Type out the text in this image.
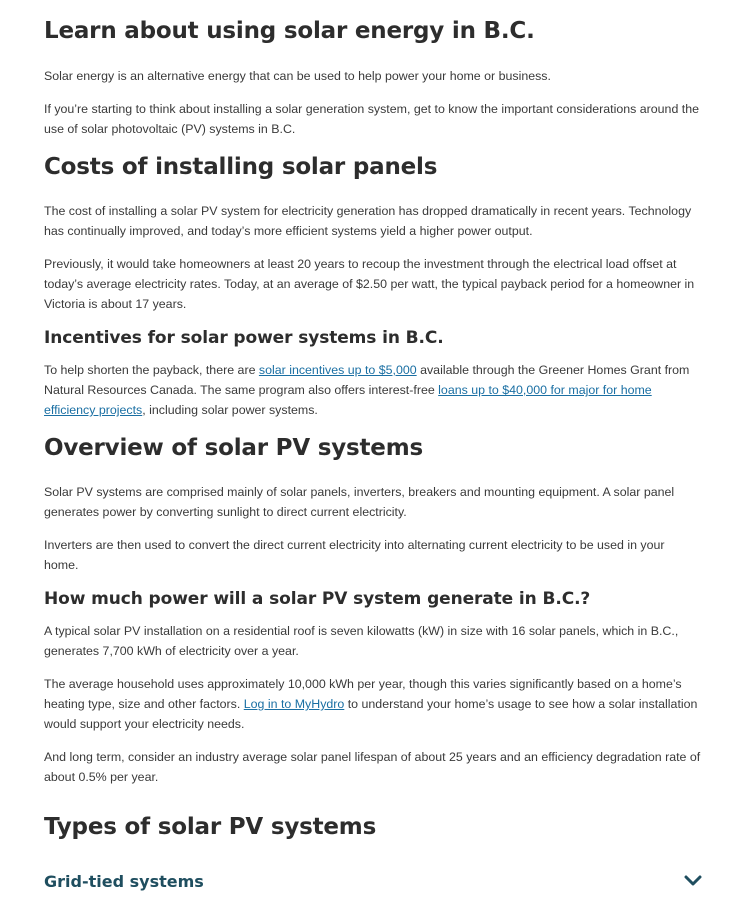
Learn about using solar energy in B.C.

Solar energy is an alternative energy that can be used to help power your home or business.

If you’re starting to think about installing a solar generation system, get to know the important considerations around the use of solar photovoltaic (PV) systems in B.C.

Costs of installing solar panels

The cost of installing a solar PV system for electricity generation has dropped dramatically in recent years. Technology has continually improved, and today’s more efficient systems yield a higher power output.

Previously, it would take homeowners at least 20 years to recoup the investment through the electrical load offset at today’s average electricity rates. Today, at an average of $2.50 per watt, the typical payback period for a homeowner in Victoria is about 17 years.

Incentives for solar power systems in B.C.

To help shorten the payback, there are solar incentives up to $5,000 available through the Greener Homes Grant from Natural Resources Canada. The same program also offers interest-free loans up to $40,000 for major for home efficiency projects, including solar power systems.

Overview of solar PV systems

Solar PV systems are comprised mainly of solar panels, inverters, breakers and mounting equipment. A solar panel generates power by converting sunlight to direct current electricity.

Inverters are then used to convert the direct current electricity into alternating current electricity to be used in your home.

How much power will a solar PV system generate in B.C.?

A typical solar PV installation on a residential roof is seven kilowatts (kW) in size with 16 solar panels, which in B.C., generates 7,700 kWh of electricity over a year.

The average household uses approximately 10,000 kWh per year, though this varies significantly based on a home’s heating type, size and other factors. Log in to MyHydro to understand your home’s usage to see how a solar installation would support your electricity needs.

And long term, consider an industry average solar panel lifespan of about 25 years and an efficiency degradation rate of about 0.5% per year.

Types of solar PV systems
Grid-tied systems
